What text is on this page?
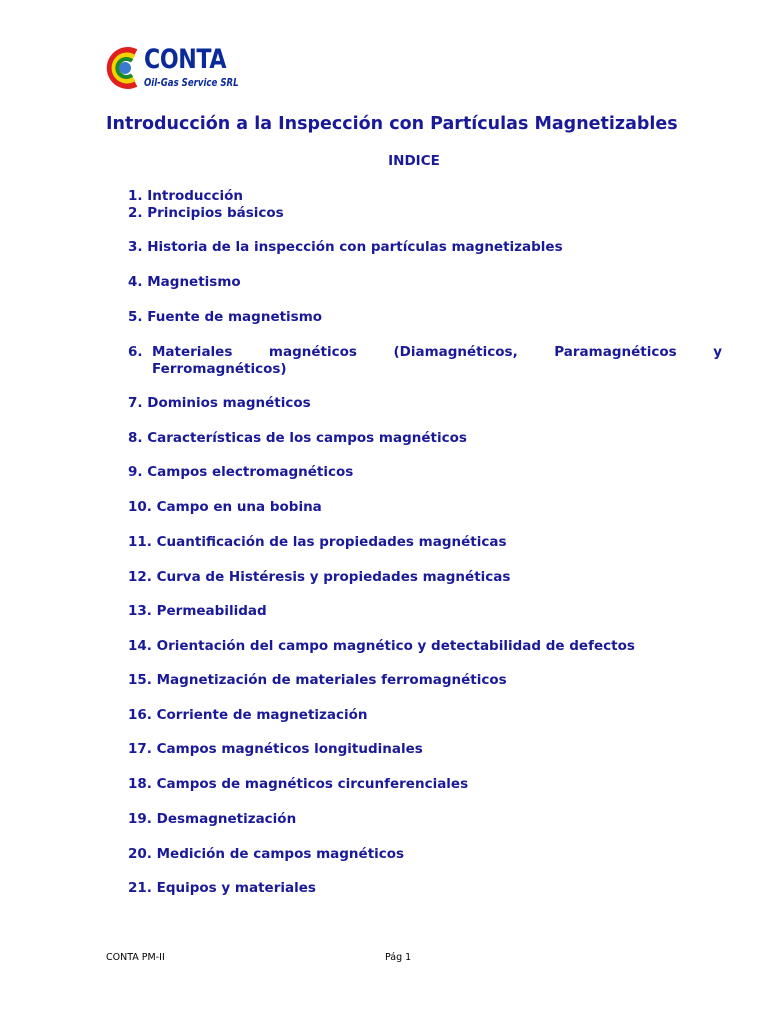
CONTA
Oil-Gas Service SRL
Introducción a la Inspección con Partículas Magnetizables
INDICE
1. Introducción
2. Principios básicos
3. Historia de la inspección con partículas magnetizables
4. Magnetismo
5. Fuente de magnetismo
6. Materiales	magnéticos	(Diamagnéticos,	Paramagnéticos	y
Ferromagnéticos)
7. Dominios magnéticos
8. Características de los campos magnéticos
9. Campos electromagnéticos
10. Campo en una bobina
11. Cuantificación de las propiedades magnéticas
12. Curva de Histéresis y propiedades magnéticas
13. Permeabilidad
14. Orientación del campo magnético y detectabilidad de defectos
15. Magnetización de materiales ferromagnéticos
16. Corriente de magnetización
17. Campos magnéticos longitudinales
18. Campos de magnéticos circunferenciales
19. Desmagnetización
20. Medición de campos magnéticos
21. Equipos y materiales
CONTA PM-II	Pág 1
